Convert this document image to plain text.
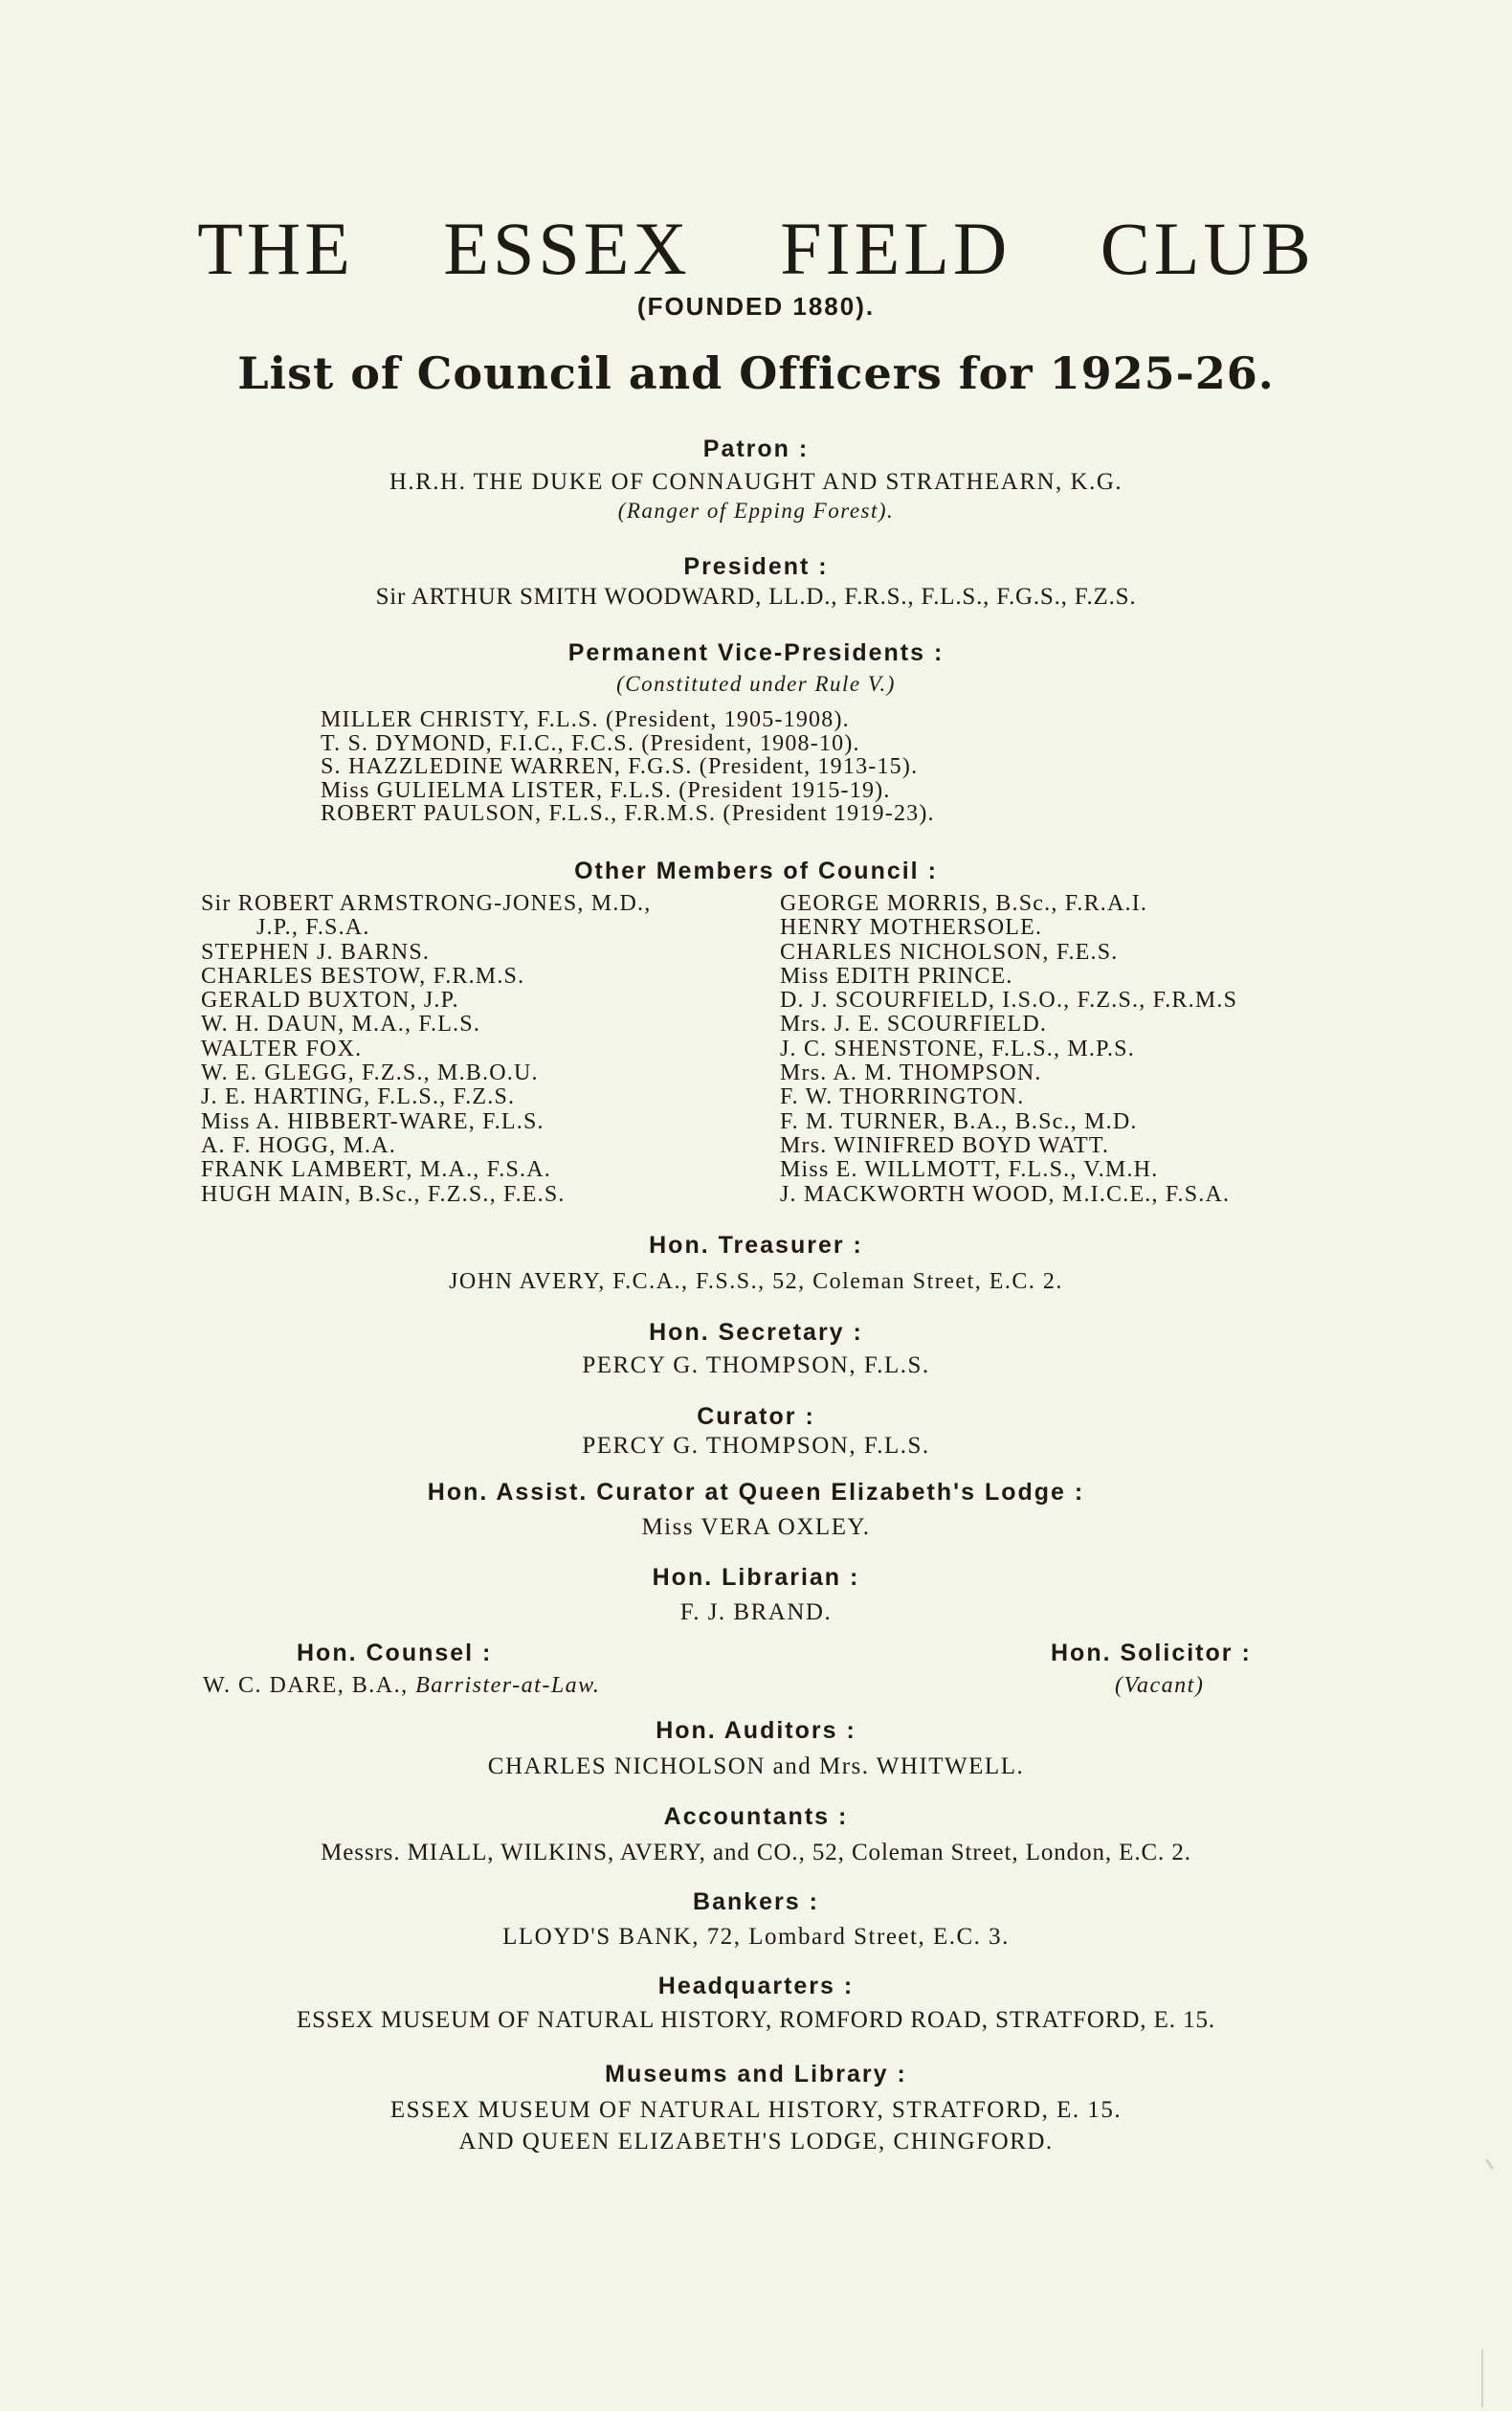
THE ESSEX FIELD CLUB
(FOUNDED 1880).
List of Council and Officers for 1925-26.
Patron :
H.R.H. THE DUKE OF CONNAUGHT AND STRATHEARN, K.G.
(Ranger of Epping Forest).
President :
Sir ARTHUR SMITH WOODWARD, LL.D., F.R.S., F.L.S., F.G.S., F.Z.S.
Permanent Vice-Presidents :
(Constituted under Rule V.)
MILLER CHRISTY, F.L.S. (President, 1905-1908).
T. S. DYMOND, F.I.C., F.C.S. (President, 1908-10).
S. HAZZLEDINE WARREN, F.G.S. (President, 1913-15).
Miss GULIELMA LISTER, F.L.S. (President 1915-19).
ROBERT PAULSON, F.L.S., F.R.M.S. (President 1919-23).
Other Members of Council :
Sir ROBERT ARMSTRONG-JONES, M.D.,
J.P., F.S.A.
STEPHEN J. BARNS.
CHARLES BESTOW, F.R.M.S.
GERALD BUXTON, J.P.
W. H. DAUN, M.A., F.L.S.
WALTER FOX.
W. E. GLEGG, F.Z.S., M.B.O.U.
J. E. HARTING, F.L.S., F.Z.S.
Miss A. HIBBERT-WARE, F.L.S.
A. F. HOGG, M.A.
FRANK LAMBERT, M.A., F.S.A.
HUGH MAIN, B.Sc., F.Z.S., F.E.S.
GEORGE MORRIS, B.Sc., F.R.A.I.
HENRY MOTHERSOLE.
CHARLES NICHOLSON, F.E.S.
Miss EDITH PRINCE.
D. J. SCOURFIELD, I.S.O., F.Z.S., F.R.M.S
Mrs. J. E. SCOURFIELD.
J. C. SHENSTONE, F.L.S., M.P.S.
Mrs. A. M. THOMPSON.
F. W. THORRINGTON.
F. M. TURNER, B.A., B.Sc., M.D.
Mrs. WINIFRED BOYD WATT.
Miss E. WILLMOTT, F.L.S., V.M.H.
J. MACKWORTH WOOD, M.I.C.E., F.S.A.
Hon. Treasurer :
JOHN AVERY, F.C.A., F.S.S., 52, Coleman Street, E.C. 2.
Hon. Secretary :
PERCY G. THOMPSON, F.L.S.
Curator :
PERCY G. THOMPSON, F.L.S.
Hon. Assist. Curator at Queen Elizabeth's Lodge :
Miss VERA OXLEY.
Hon. Librarian :
F. J. BRAND.
Hon. Counsel :
W. C. DARE, B.A., Barrister-at-Law.
Hon. Solicitor :
(Vacant)
Hon. Auditors :
CHARLES NICHOLSON and Mrs. WHITWELL.
Accountants :
Messrs. MIALL, WILKINS, AVERY, and CO., 52, Coleman Street, London, E.C. 2.
Bankers :
LLOYD'S BANK, 72, Lombard Street, E.C. 3.
Headquarters :
ESSEX MUSEUM OF NATURAL HISTORY, ROMFORD ROAD, STRATFORD, E. 15.
Museums and Library :
ESSEX MUSEUM OF NATURAL HISTORY, STRATFORD, E. 15.
AND QUEEN ELIZABETH'S LODGE, CHINGFORD.
